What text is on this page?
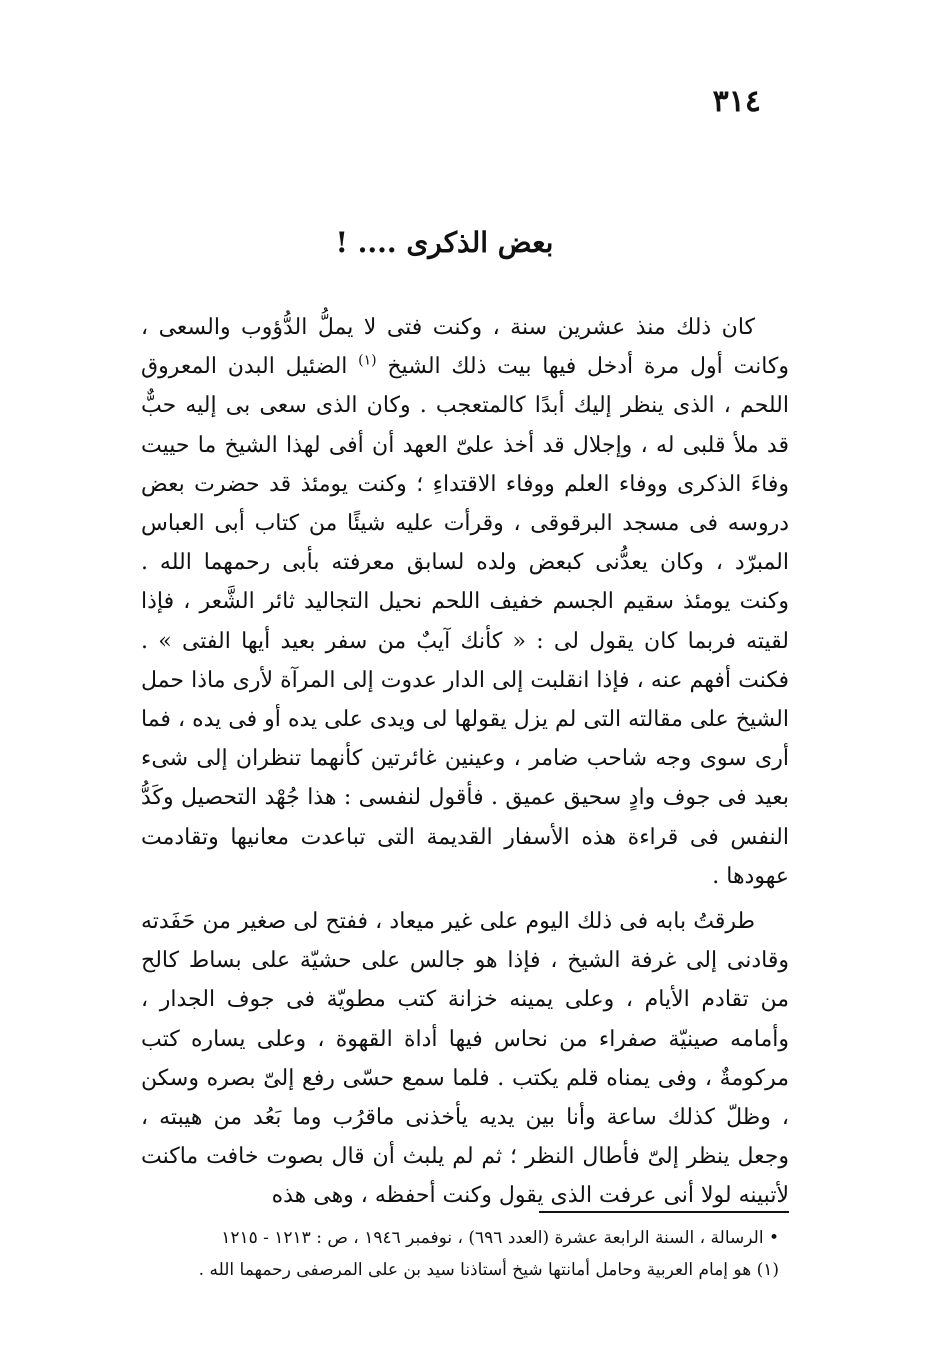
٣١٤
بعض الذكرى .... !

كان ذلك منذ عشرين سنة ، وكنت فتى لا يملُّ الدُّؤوب والسعى ، وكانت أول مرة أدخل فيها بيت ذلك الشيخ $^{(١)}$ الضئيل البدن المعروق اللحم ، الذى ينظر إليك أبدًا كالمتعجب . وكان الذى سعى بى إليه حبٌّ قد ملأ قلبى له ، وإجلال قد أخذ علىّ العهد أن أفى لهذا الشيخ ما حييت وفاءَ الذكرى ووفاء العلم ووفاء الاقتداءِ ؛ وكنت يومئذ قد حضرت بعض دروسه فى مسجد البرقوقى ، وقرأت عليه شيئًا من كتاب أبى العباس المبرّد ، وكان يعدُّنى كبعض ولده لسابق معرفته بأبى رحمهما الله . وكنت يومئذ سقيم الجسم خفيف اللحم نحيل التجاليد ثائر الشَّعر ، فإذا لقيته فربما كان يقول لى : « كأنك آيبٌ من سفر بعيد أيها الفتى » . فكنت أفهم عنه ، فإذا انقلبت إلى الدار عدوت إلى المرآة لأرى ماذا حمل الشيخ على مقالته التى لم يزل يقولها لى ويدى على يده أو فى يده ، فما أرى سوى وجه شاحب ضامر ، وعينين غائرتين كأنهما تنظران إلى شىء بعيد فى جوف وادٍ سحيق عميق . فأقول لنفسى : هذا جُهْد التحصيل وكَدُّ النفس فى قراءة هذه الأسفار القديمة التى تباعدت معانيها وتقادمت عهودها .

طرقتُ بابه فى ذلك اليوم على غير ميعاد ، ففتح لى صغير من حَفَدته وقادنى إلى غرفة الشيخ ، فإذا هو جالس على حشيّة على بساط كالح من تقادم الأيام ، وعلى يمينه خزانة كتب مطويّة فى جوف الجدار ، وأمامه صينيّة صفراء من نحاس فيها أداة القهوة ، وعلى يساره كتب مركومةٌ ، وفى يمناه قلم يكتب . فلما سمع حسّى رفع إلىّ بصره وسكن ، وظلّ كذلك ساعة وأنا بين يديه يأخذنى ماقرُب وما بَعُد من هيبته ، وجعل ينظر إلىّ فأطال النظر ؛ ثم لم يلبث أن قال بصوت خافت ماكنت لأتبينه لولا أنى عرفت الذى يقول وكنت أحفظه ، وهى هذه

• الرسالة ، السنة الرابعة عشرة (العدد ٦٩٦) ، نوفمبر ١٩٤٦ ، ص : ١٢١٣ - ١٢١٥
(١) هو إمام العربية وحامل أمانتها شيخ أستاذنا سيد بن على المرصفى رحمهما الله .
